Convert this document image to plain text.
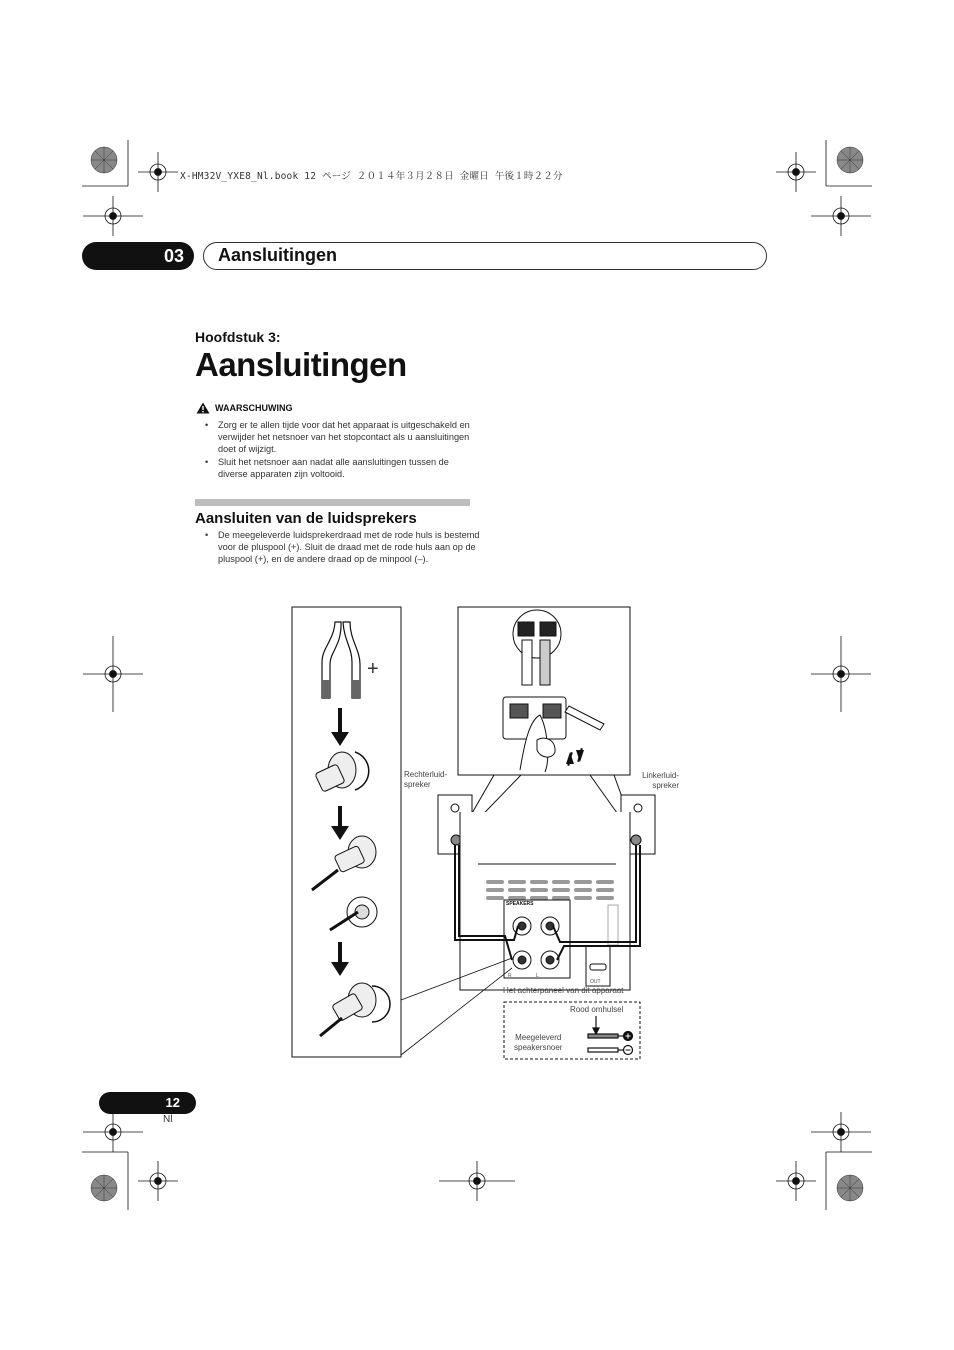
X-HM32V_YXE8_Nl.book 12 ページ ２０１４年３月２８日 金曜日 午後１時２２分
03	Aansluitingen
Hoofdstuk 3:
Aansluitingen
WAARSCHUWING
• Zorg er te allen tijde voor dat het apparaat is uitgeschakeld en verwijder het netsnoer van het stopcontact als u aansluitingen doet of wijzigt.
• Sluit het netsnoer aan nadat alle aansluitingen tussen de diverse apparaten zijn voltooid.
Aansluiten van de luidsprekers
• De meegeleverde luidsprekerdraad met de rode huls is bestemd voor de pluspool (+). Sluit de draad met de rode huls aan op de pluspool (+), en de andere draad op de minpool (–).
+
Rechterluid-
spreker
Linkerluid-
spreker
SPEAKERS
OUT
R	L
Het achterpaneel van dit apparaat
Rood omhulsel
Meegeleverd
speakersnoer
12
Nl
